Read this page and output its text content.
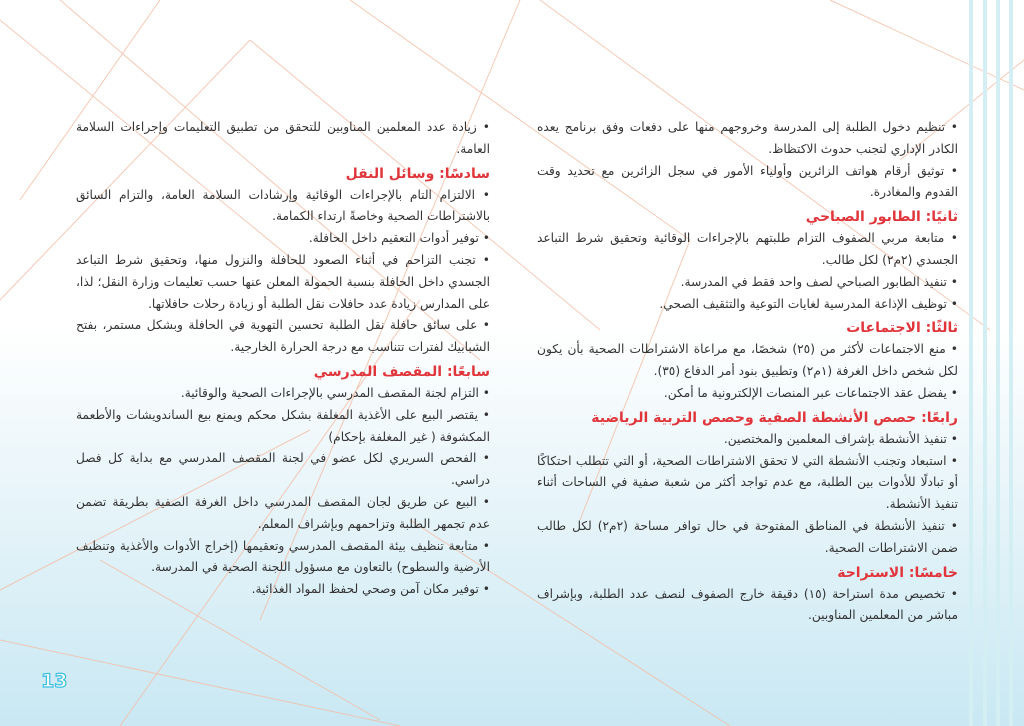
• تنظيم دخول الطلبة إلى المدرسة وخروجهم منها على دفعات وفق برنامج يعده الكادر الإداري لتجنب حدوث الاكتظاظ.

• توثيق أرقام هواتف الزائرين وأولياء الأمور في سجل الزائرين مع تحديد وقت القدوم والمغادرة.

ثانيًا: الطابور الصباحي

• متابعة مربي الصفوف التزام طلبتهم بالإجراءات الوقائية وتحقيق شرط التباعد الجسدي (٢م٢) لكل طالب.

• تنفيذ الطابور الصباحي لصف واحد فقط في المدرسة.

• توظيف الإذاعة المدرسية لغايات التوعية والتثقيف الصحي.

ثالثًا: الاجتماعات

• منع الاجتماعات لأكثر من (٢٥) شخصًا، مع مراعاة الاشتراطات الصحية بأن يكون لكل شخص داخل الغرفة (١م٢) وتطبيق بنود أمر الدفاع (٣٥).

• يفضل عقد الاجتماعات عبر المنصات الإلكترونية ما أمكن.

رابعًا: حصص الأنشطة الصفية وحصص التربية الرياضية

• تنفيذ الأنشطة بإشراف المعلمين والمختصين.

• استبعاد وتجنب الأنشطة التي لا تحقق الاشتراطات الصحية، أو التي تتطلب احتكاكًا أو تبادلًا للأدوات بين الطلبة، مع عدم تواجد أكثر من شعبة صفية في الساحات أثناء تنفيذ الأنشطة.

• تنفيذ الأنشطة في المناطق المفتوحة في حال توافر مساحة (٢م٢) لكل طالب ضمن الاشتراطات الصحية.

خامسًا: الاستراحة

• تخصيص مدة استراحة (١٥) دقيقة خارج الصفوف لنصف عدد الطلبة، وبإشراف مباشر من المعلمين المناوبين.

• زيادة عدد المعلمين المناوبين للتحقق من تطبيق التعليمات وإجراءات السلامة العامة.

سادسًا: وسائل النقل

• الالتزام التام بالإجراءات الوقائية وإرشادات السلامة العامة، والتزام السائق بالاشتراطات الصحية وخاصةً ارتداء الكمامة.

• توفير أدوات التعقيم داخل الحافلة.

• تجنب التزاحم في أثناء الصعود للحافلة والنزول منها، وتحقيق شرط التباعد الجسدي داخل الحافلة بنسبة الحمولة المعلن عنها حسب تعليمات وزارة النقل؛ لذا، على المدارس زيادة عدد حافلات نقل الطلبة أو زيادة رحلات حافلاتها.

• على سائق حافلة نقل الطلبة تحسين التهوية في الحافلة وبشكل مستمر، بفتح الشبابيك لفترات تتناسب مع درجة الحرارة الخارجية.

سابعًا: المقصف المدرسي

• التزام لجنة المقصف المدرسي بالإجراءات الصحية والوقائية.

• يقتصر البيع على الأغذية المغلفة بشكل محكم ويمنع بيع الساندويشات والأطعمة المكشوفة ( غير المغلفة بإحكام)

• الفحص السريري لكل عضو في لجنة المقصف المدرسي مع بداية كل فصل دراسي.

• البيع عن طريق لجان المقصف المدرسي داخل الغرفة الصفية بطريقة تضمن عدم تجمهر الطلبة وتزاحمهم وبإشراف المعلم.

• متابعة تنظيف بيئة المقصف المدرسي وتعقيمها (إخراج الأدوات والأغذية وتنظيف الأرضية والسطوح) بالتعاون مع مسؤول اللجنة الصحية في المدرسة.

• توفير مكان آمن وصحي لحفظ المواد الغذائية.

13
